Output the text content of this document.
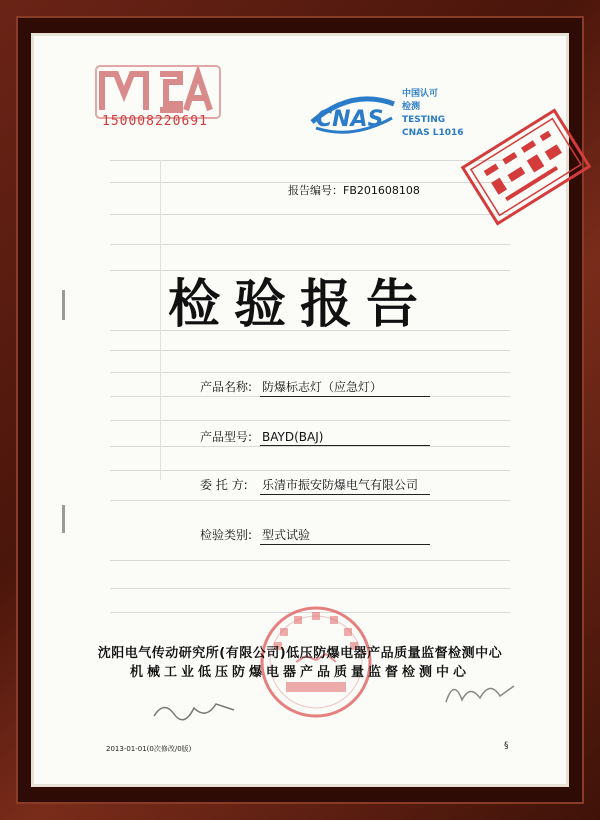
150008220691	CNAS
中国认可
检测
TESTING
CNAS L1016
报告编号：FB201608108
检验报告
产品名称: 防爆标志灯（应急灯）
产品型号: BAYD(BAJ)
委 托 方: 乐清市振安防爆电气有限公司
检验类别: 型式试验
沈阳电气传动研究所(有限公司)低压防爆电器产品质量监督检测中心
机械工业低压防爆电器产品质量监督检测中心
2013-01-01(0次修改/0版)	§
